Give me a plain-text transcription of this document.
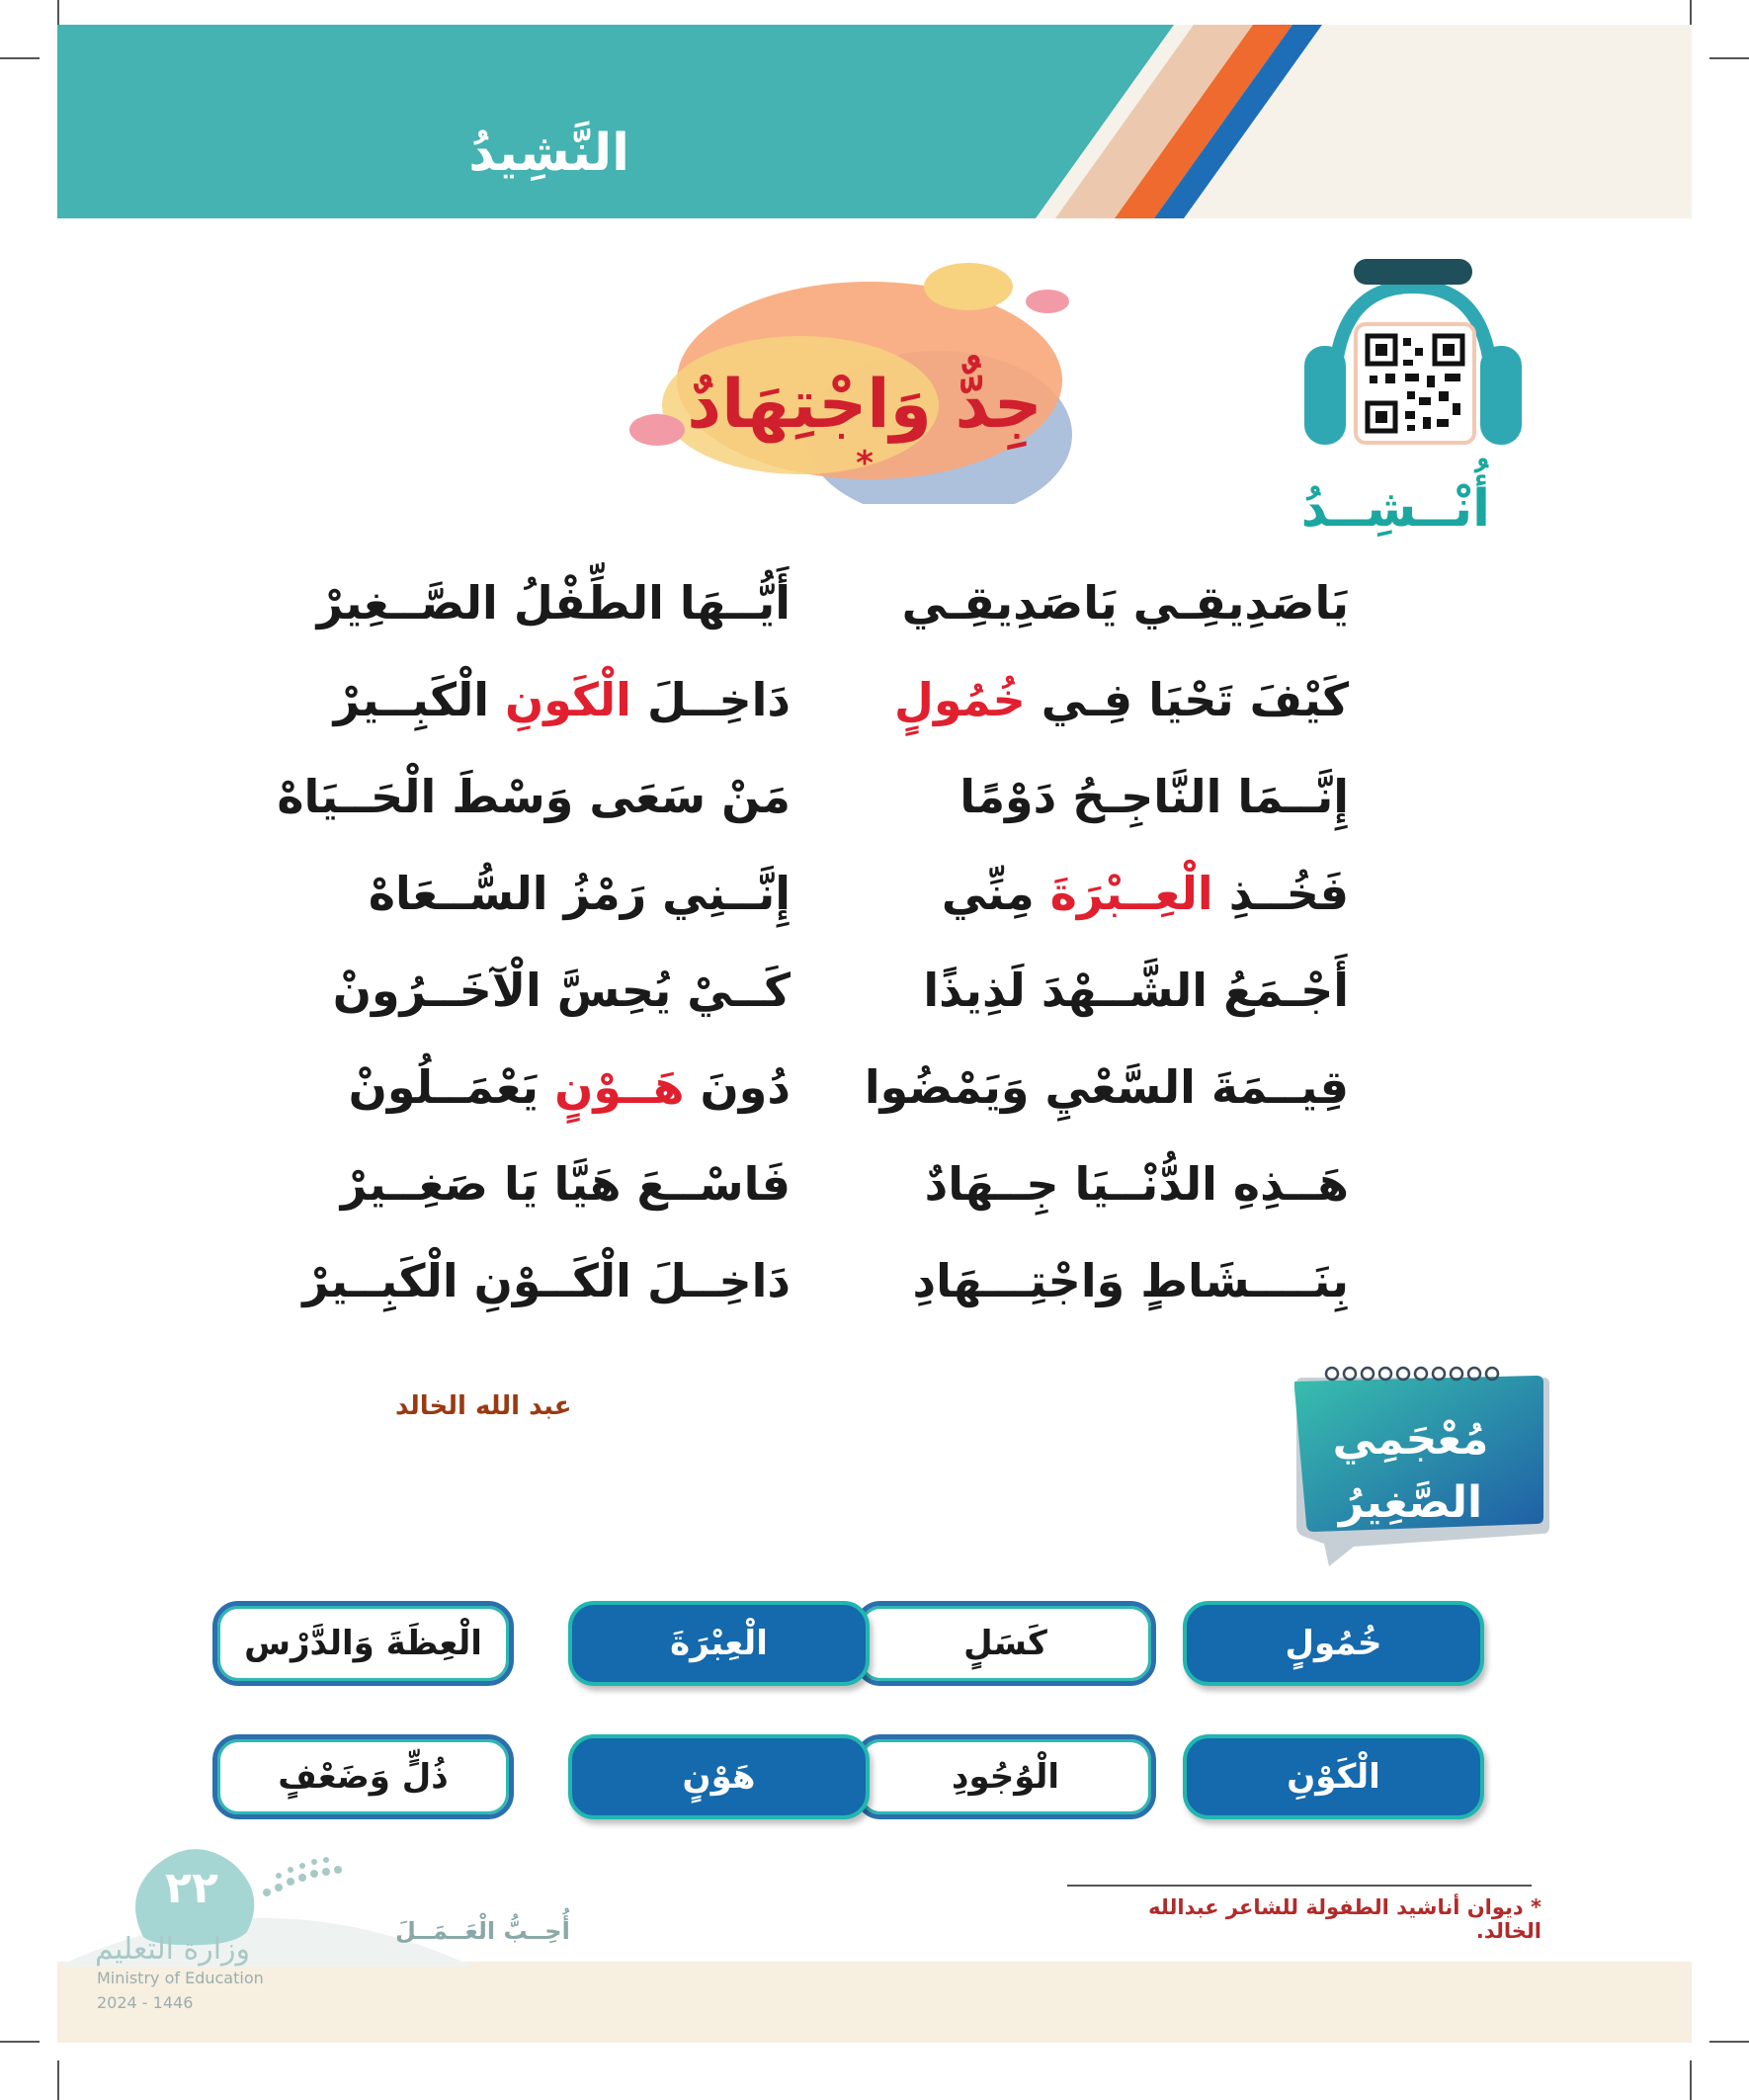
النَّشِيدُ
أُنْــشِــدُ
جِدٌّ وَاجْتِهَادٌ *
يَاصَدِيقِـي يَاصَدِيقِـي
كَيْفَ تَحْيَا فِـي خُمُولٍ
إِنَّــمَا النَّاجِـحُ دَوْمًا
فَخُــذِ الْعِــبْرَةَ مِنِّي
أَجْـمَعُ الشَّــهْدَ لَذِيذًا
قِيــمَةَ السَّعْيِ وَيَمْضُوا
هَــذِهِ الدُّنْــيَا جِــهَادٌ
بِنَــــشَاطٍ وَاجْتِـــهَادِ
أَيُّــهَا الطِّفْلُ الصَّــغِيرْ
دَاخِــلَ الْكَونِ الْكَبِــيرْ
مَنْ سَعَى وَسْطَ الْحَــيَاهْ
إِنَّــنِي رَمْزُ السُّــعَاهْ
كَــيْ يُحِسَّ الْآخَــرُونْ
دُونَ هَــوْنٍ يَعْمَــلُونْ
فَاسْــعَ هَيَّا يَا صَغِــيرْ
دَاخِــلَ الْكَــوْنِ الْكَبِــيرْ
عبد الله الخالد
مُعْجَمِي
الصَّغِيرُ
خُمُولٍ
كَسَلٍ
الْعِبْرَةَ
الْعِظَةَ وَالدَّرْس
الْكَوْنِ
الْوُجُودِ
هَوْنٍ
ذُلٍّ وَضَعْفٍ
* ديوان أناشيد الطفولة للشاعر عبدالله الخالد.
أُحِــبُّ الْعَــمَــلَ
٢٢
وزارة التعليم
Ministry of Education
2024 - 1446
